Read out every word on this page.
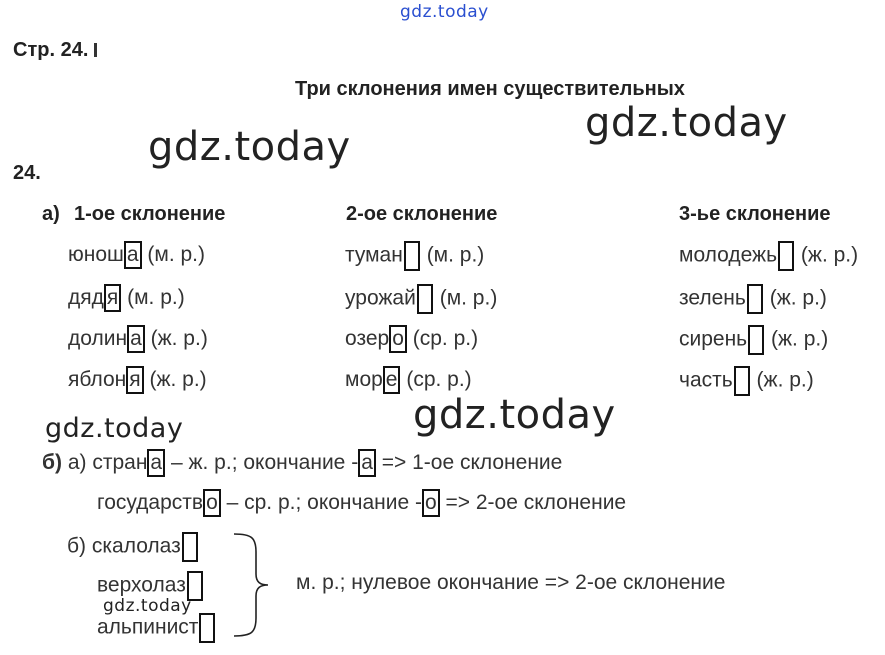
gdz.today
gdz.today
gdz.today
gdz.today
gdz.today
gdz.today
Стр. 24.
Три склонения имен существительных
24.
а) 1-ое склонение	2-ое склонение	3-ье склонение
юнош а (м. р.)
дяд я (м. р.)
долин а (ж. р.)
яблон я (ж. р.)
туман (м. р.)
урожай (м. р.)
озер о (ср. р.)
мор е (ср. р.)
молодежь (ж. р.)
зелень (ж. р.)
сирень (ж. р.)
часть (ж. р.)
б) а) стран а – ж. р.; окончание - а => 1-ое склонение
государств о – ср. р.; окончание - о => 2-ое склонение
б) скалолаз
верхолаз
альпинист
м. р.; нулевое окончание => 2-ое склонение
